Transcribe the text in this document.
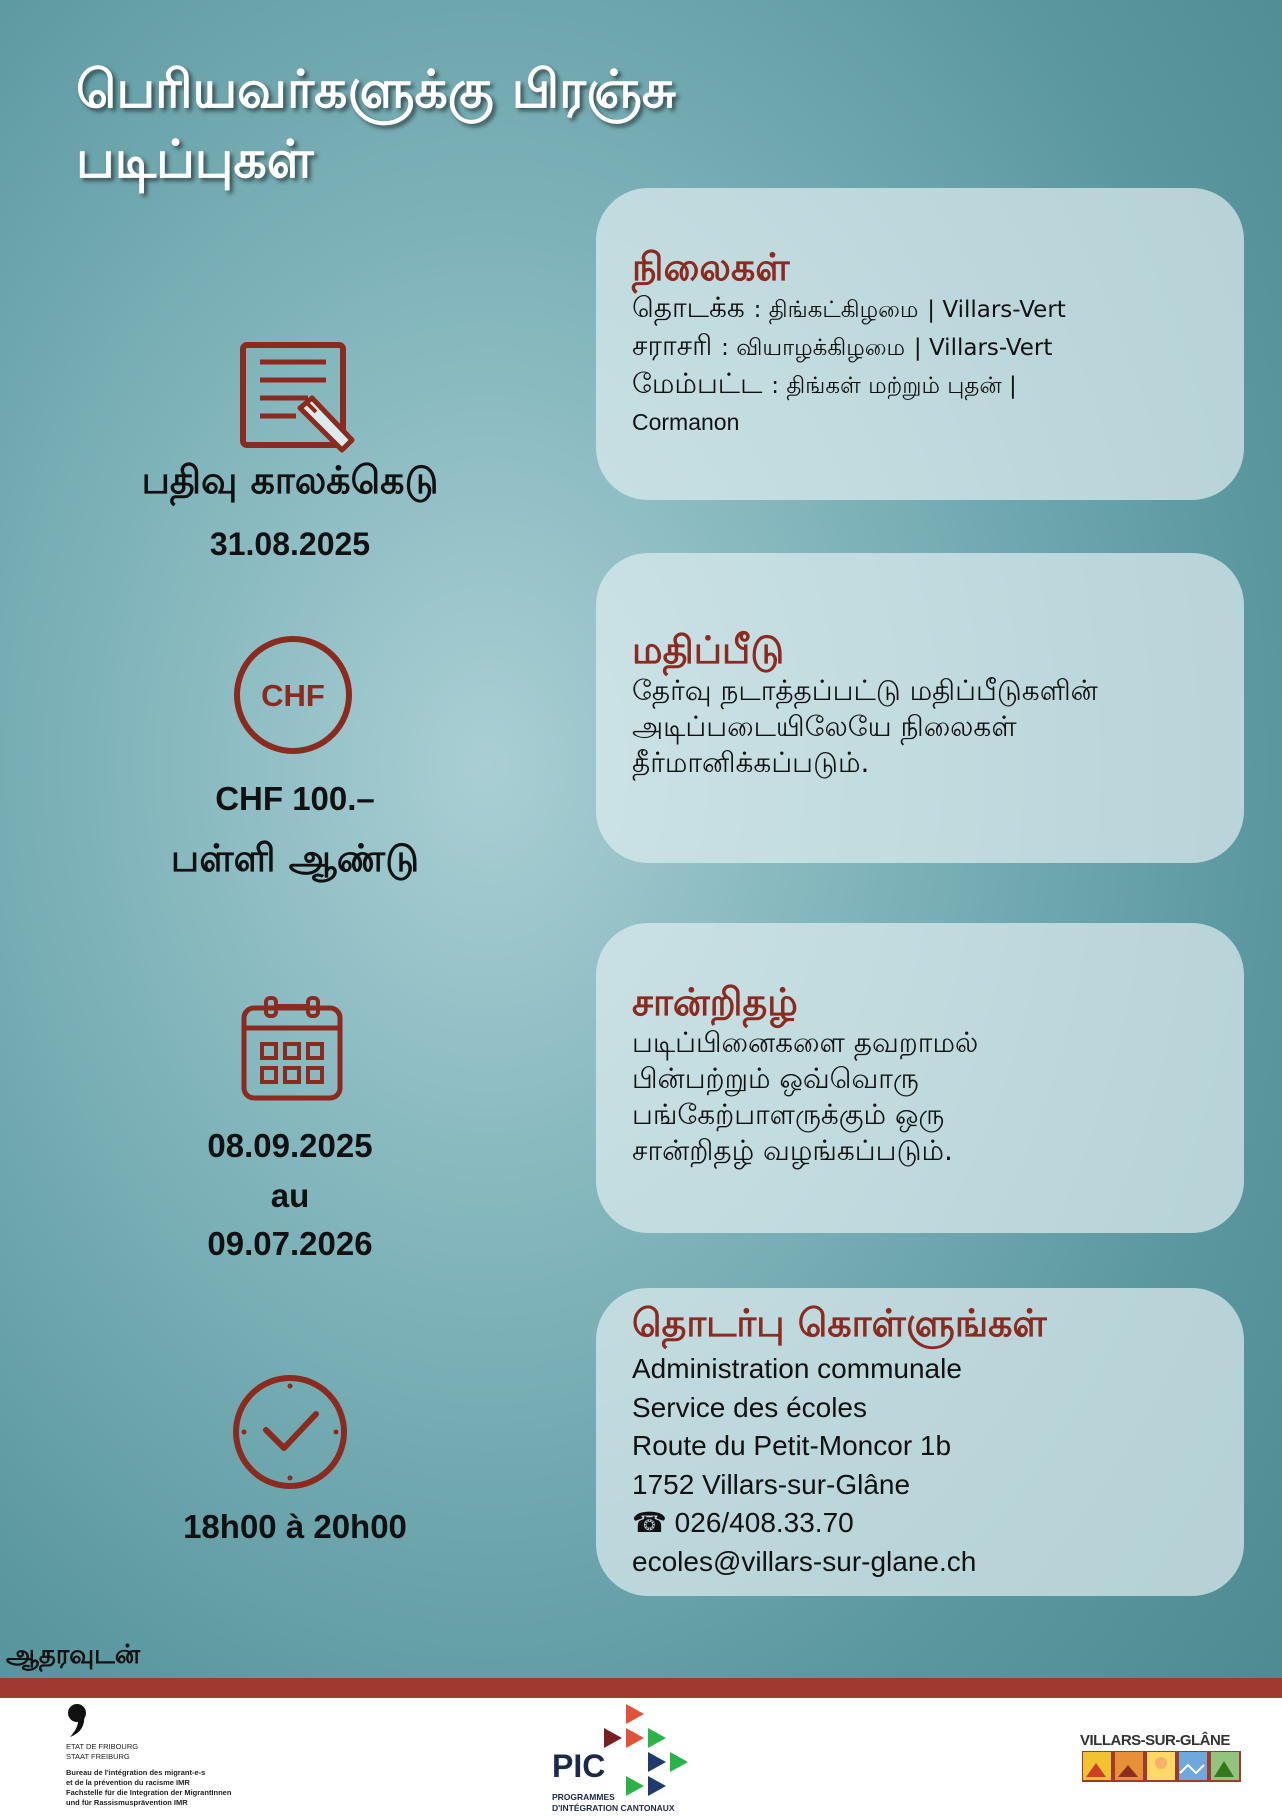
பெரியவர்களுக்கு பிரஞ்சு
படிப்புகள்
பதிவு காலக்கெடு
31.08.2025
CHF
CHF 100.–
பள்ளி ஆண்டு
08.09.2025
au
09.07.2026
18h00 à 20h00
நிலைகள்
தொடக்க : திங்கட்கிழமை | Villars-Vert
சராசரி : வியாழக்கிழமை | Villars-Vert
மேம்பட்ட : திங்கள் மற்றும் புதன் |
Cormanon
மதிப்பீடு
தேர்வு நடாத்தப்பட்டு மதிப்பீடுகளின்
அடிப்படையிலேயே நிலைகள்
தீர்மானிக்கப்படும்.
சான்றிதழ்
படிப்பினைகளை தவறாமல்
பின்பற்றும் ஒவ்வொரு
பங்கேற்பாளருக்கும் ஒரு
சான்றிதழ் வழங்கப்படும்.
தொடர்பு கொள்ளுங்கள்
Administration communale
Service des écoles
Route du Petit-Moncor 1b
1752 Villars-sur-Glâne
☎ 026/408.33.70
ecoles@villars-sur-glane.ch
ஆதரவுடன்
ETAT DE FRIBOURG
STAAT FREIBURG
Bureau de l'intégration des migrant-e-s
et de la prévention du racisme IMR
Fachstelle für die Integration der MigrantInnen
und für Rassismusprävention IMR
PIC
PROGRAMMES
D'INTÉGRATION CANTONAUX
VILLARS-SUR-GLÂNE
